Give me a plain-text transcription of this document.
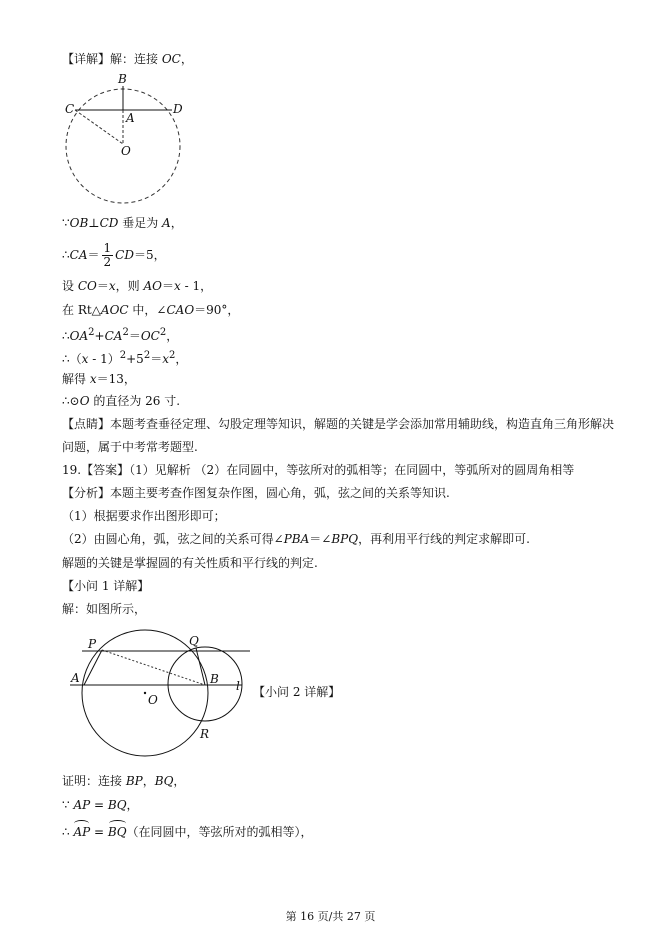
【详解】解：连接 OC，
B
C	D
A
O
∵OB⊥CD 垂足为 A，
∴CA＝ $\frac{1}{2} CD=5$，
设 CO＝x，则 AO＝x - 1，
在 Rt△AOC 中，∠CAO＝90°，
$\therefore OA^2+CA^2=OC^2$，
∴（x - $1)^2+5^2=x^2$，
解得 x＝13，
∴⊙O 的直径为 26 寸.
【点睛】本题考查垂径定理、勾股定理等知识，解题的关键是学会添加常用辅助线，构造直角三角形解决
问题，属于中考常考题型.
19.【答案】（1）见解析 （2）在同圆中，等弦所对的弧相等；在同圆中，等弧所对的圆周角相等
【分析】本题主要考查作图复杂作图，圆心角，弧，弦之间的关系等知识.
（1）根据要求作出图形即可；
（2）由圆心角，弧，弦之间的关系可得∠PBA＝∠BPQ，再利用平行线的判定求解即可.
解题的关键是掌握圆的有关性质和平行线的判定.
【小问 1 详解】
解：如图所示，
P	Q
A	B l
O
R
【小问 2 详解】
证明：连接 BP，BQ，
∵ AP = BQ，
∴ AP = BQ（在同圆中，等弦所对的弧相等），
第 16 页/共 27 页
